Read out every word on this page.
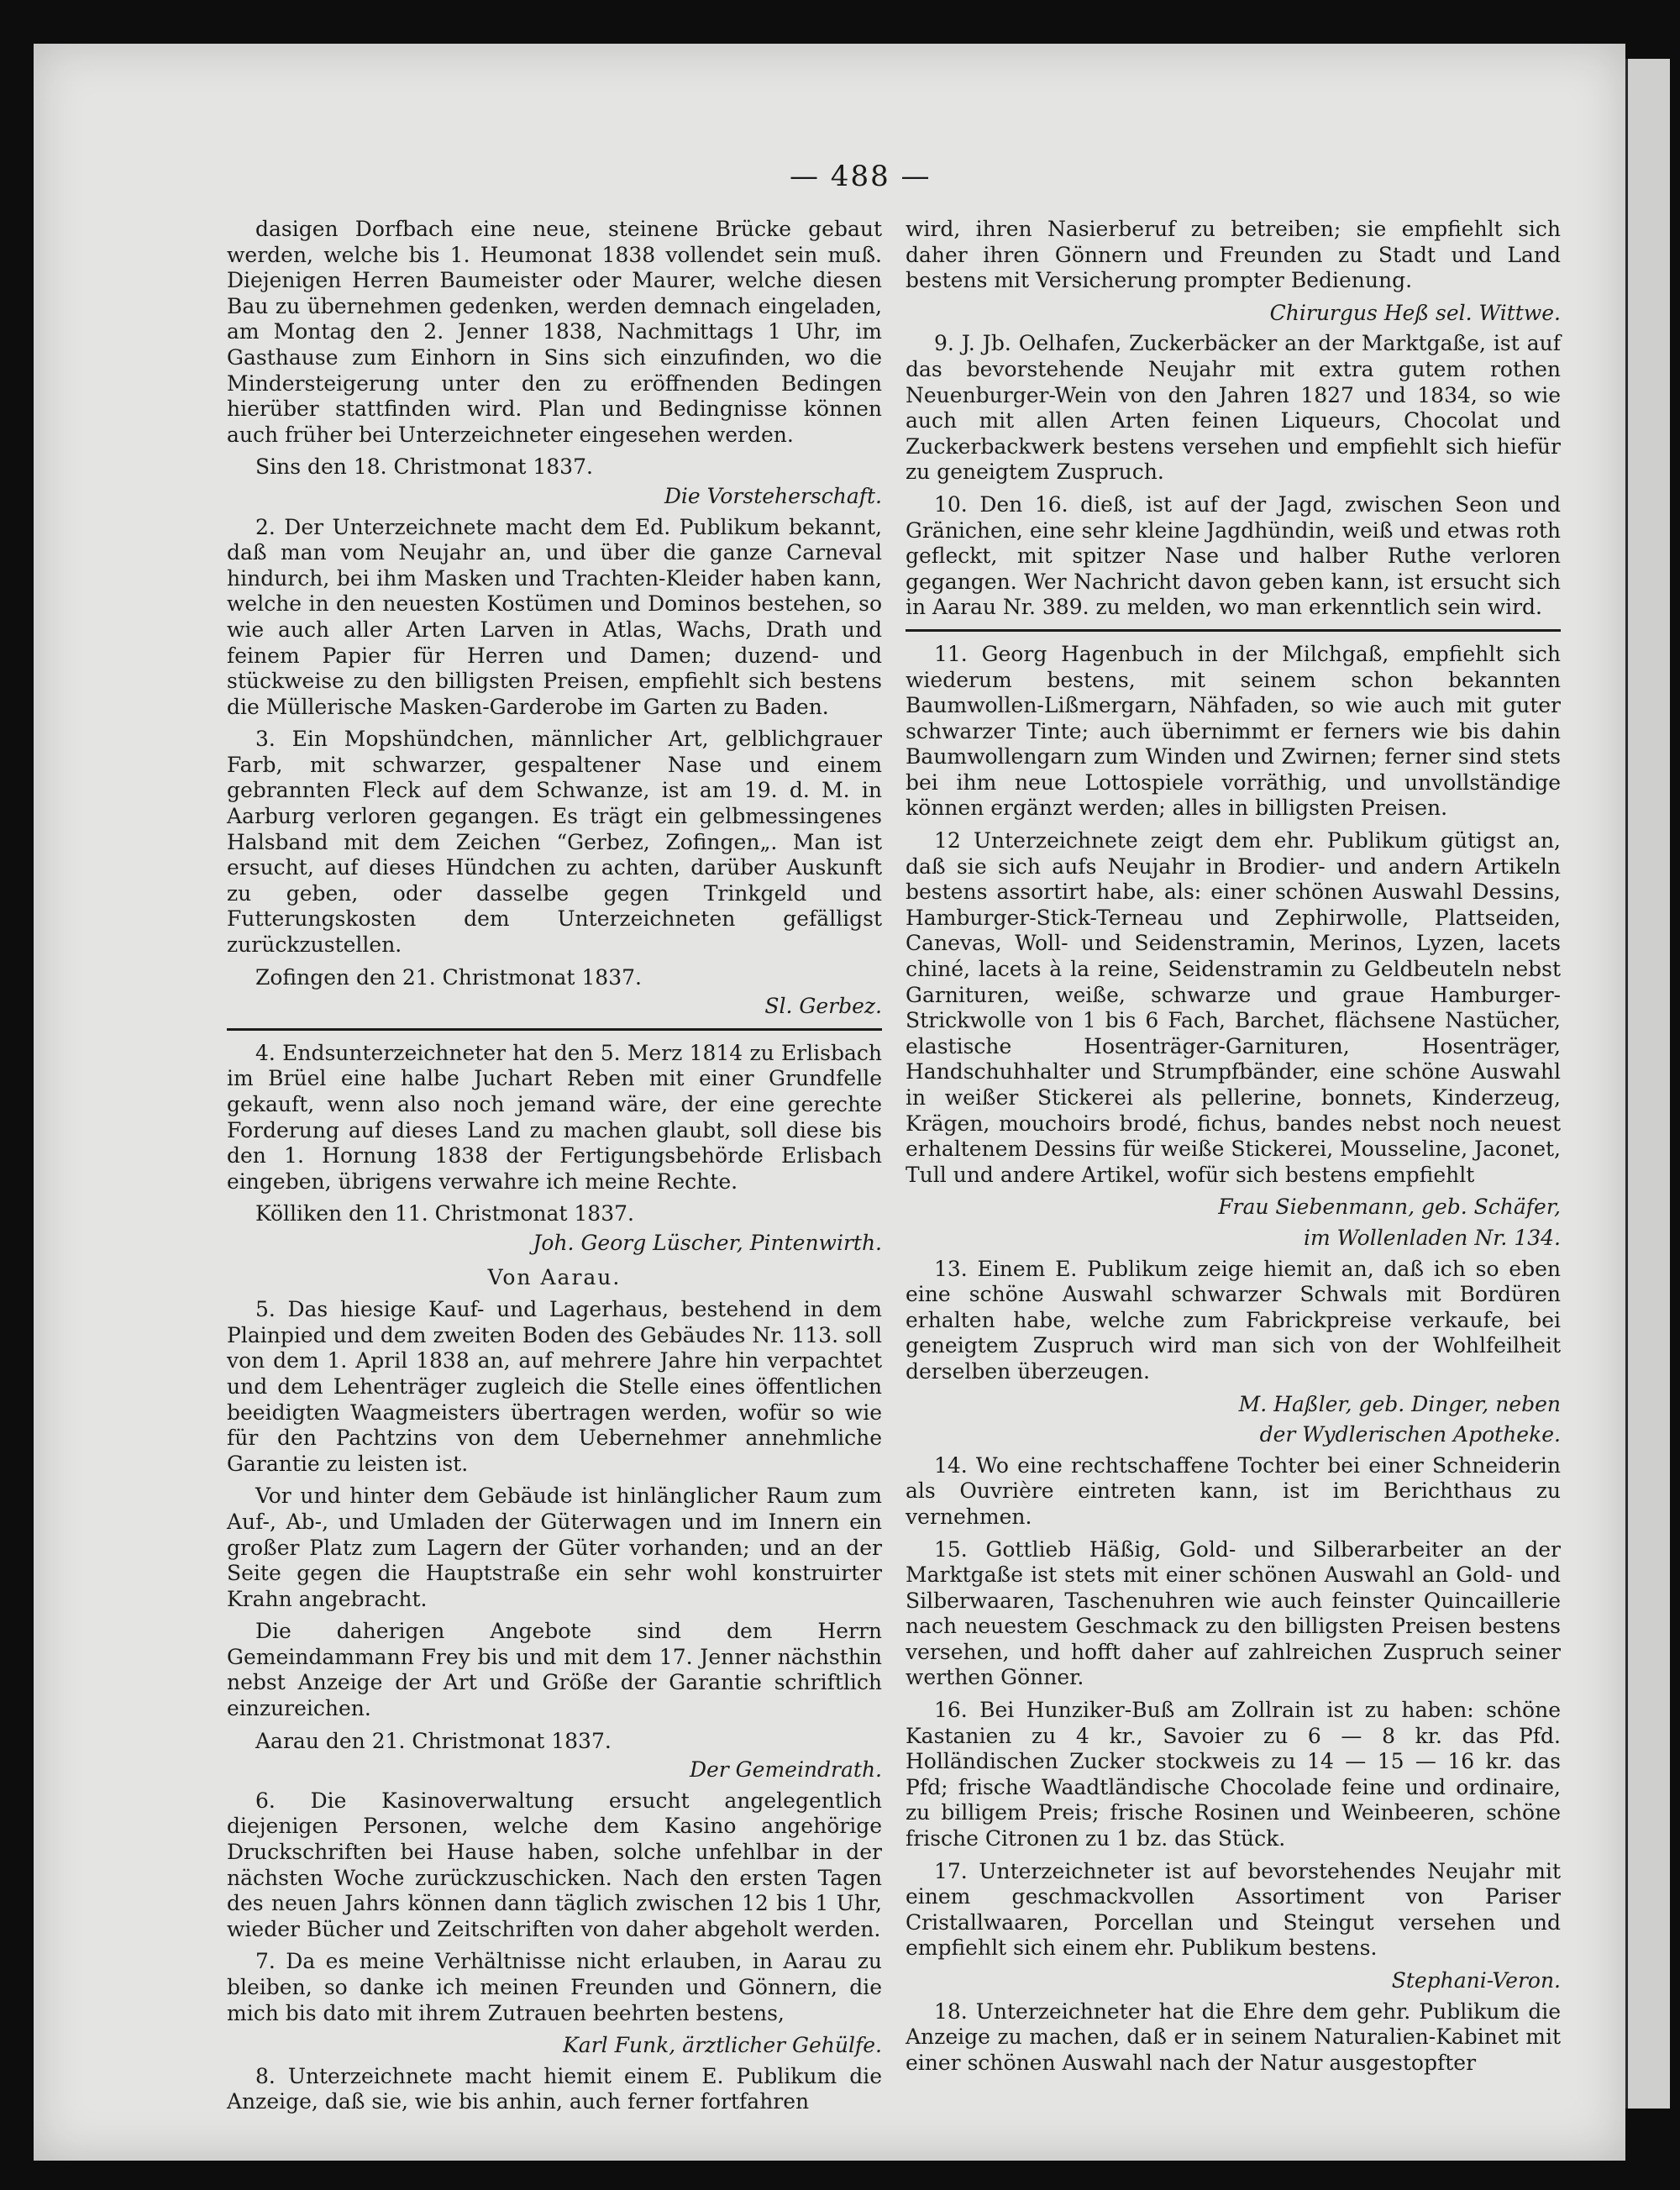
— 488 —

dasigen Dorfbach eine neue, steinene Brücke gebaut werden, welche bis 1. Heumonat 1838 vollendet sein muß. Diejenigen Herren Baumeister oder Maurer, welche diesen Bau zu übernehmen gedenken, werden demnach eingeladen, am Montag den 2. Jenner 1838, Nachmittags 1 Uhr, im Gasthause zum Einhorn in Sins sich einzufinden, wo die Mindersteigerung unter den zu eröffnenden Bedingen hierüber stattfinden wird. Plan und Bedingnisse können auch früher bei Unterzeichneter eingesehen werden.

Sins den 18. Christmonat 1837.

Die Vorsteherschaft.

2. Der Unterzeichnete macht dem Ed. Publikum bekannt, daß man vom Neujahr an, und über die ganze Carneval hindurch, bei ihm Masken und Trachten-Kleider haben kann, welche in den neuesten Kostümen und Dominos bestehen, so wie auch aller Arten Larven in Atlas, Wachs, Drath und feinem Papier für Herren und Damen; duzend- und stückweise zu den billigsten Preisen, empfiehlt sich bestens die Müllerische Masken-Garderobe im Garten zu Baden.

3. Ein Mopshündchen, männlicher Art, gelblichgrauer Farb, mit schwarzer, gespaltener Nase und einem gebrannten Fleck auf dem Schwanze, ist am 19. d. M. in Aarburg verloren gegangen. Es trägt ein gelbmessingenes Halsband mit dem Zeichen “Gerbez, Zofingen„. Man ist ersucht, auf dieses Hündchen zu achten, darüber Auskunft zu geben, oder dasselbe gegen Trinkgeld und Futterungskosten dem Unterzeichneten gefälligst zurückzustellen.

Zofingen den 21. Christmonat 1837.

Sl. Gerbez.

4. Endsunterzeichneter hat den 5. Merz 1814 zu Erlisbach im Brüel eine halbe Juchart Reben mit einer Grundfelle gekauft, wenn also noch jemand wäre, der eine gerechte Forderung auf dieses Land zu machen glaubt, soll diese bis den 1. Hornung 1838 der Fertigungsbehörde Erlisbach eingeben, übrigens verwahre ich meine Rechte.

Kölliken den 11. Christmonat 1837.

Joh. Georg Lüscher, Pintenwirth.

Von Aarau.

5. Das hiesige Kauf- und Lagerhaus, bestehend in dem Plainpied und dem zweiten Boden des Gebäudes Nr. 113. soll von dem 1. April 1838 an, auf mehrere Jahre hin verpachtet und dem Lehenträger zugleich die Stelle eines öffentlichen beeidigten Waagmeisters übertragen werden, wofür so wie für den Pachtzins von dem Uebernehmer annehmliche Garantie zu leisten ist.

Vor und hinter dem Gebäude ist hinlänglicher Raum zum Auf-, Ab-, und Umladen der Güterwagen und im Innern ein großer Platz zum Lagern der Güter vorhanden; und an der Seite gegen die Hauptstraße ein sehr wohl konstruirter Krahn angebracht.

Die daherigen Angebote sind dem Herrn Gemeindammann Frey bis und mit dem 17. Jenner nächsthin nebst Anzeige der Art und Größe der Garantie schriftlich einzureichen.

Aarau den 21. Christmonat 1837.

Der Gemeindrath.

6. Die Kasinoverwaltung ersucht angelegentlich diejenigen Personen, welche dem Kasino angehörige Druckschriften bei Hause haben, solche unfehlbar in der nächsten Woche zurückzuschicken. Nach den ersten Tagen des neuen Jahrs können dann täglich zwischen 12 bis 1 Uhr, wieder Bücher und Zeitschriften von daher abgeholt werden.

7. Da es meine Verhältnisse nicht erlauben, in Aarau zu bleiben, so danke ich meinen Freunden und Gönnern, die mich bis dato mit ihrem Zutrauen beehrten bestens,

Karl Funk, ärztlicher Gehülfe.

8. Unterzeichnete macht hiemit einem E. Publikum die Anzeige, daß sie, wie bis anhin, auch ferner fortfahren

wird, ihren Nasierberuf zu betreiben; sie empfiehlt sich daher ihren Gönnern und Freunden zu Stadt und Land bestens mit Versicherung prompter Bedienung.

Chirurgus Heß sel. Wittwe.

9. J. Jb. Oelhafen, Zuckerbäcker an der Marktgaße, ist auf das bevorstehende Neujahr mit extra gutem rothen Neuenburger-Wein von den Jahren 1827 und 1834, so wie auch mit allen Arten feinen Liqueurs, Chocolat und Zuckerbackwerk bestens versehen und empfiehlt sich hiefür zu geneigtem Zuspruch.

10. Den 16. dieß, ist auf der Jagd, zwischen Seon und Gränichen, eine sehr kleine Jagdhündin, weiß und etwas roth gefleckt, mit spitzer Nase und halber Ruthe verloren gegangen. Wer Nachricht davon geben kann, ist ersucht sich in Aarau Nr. 389. zu melden, wo man erkenntlich sein wird.

11. Georg Hagenbuch in der Milchgaß, empfiehlt sich wiederum bestens, mit seinem schon bekannten Baumwollen-Lißmergarn, Nähfaden, so wie auch mit guter schwarzer Tinte; auch übernimmt er ferners wie bis dahin Baumwollengarn zum Winden und Zwirnen; ferner sind stets bei ihm neue Lottospiele vorräthig, und unvollständige können ergänzt werden; alles in billigsten Preisen.

12 Unterzeichnete zeigt dem ehr. Publikum gütigst an, daß sie sich aufs Neujahr in Brodier- und andern Artikeln bestens assortirt habe, als: einer schönen Auswahl Dessins, Hamburger-Stick-Terneau und Zephirwolle, Plattseiden, Canevas, Woll- und Seidenstramin, Merinos, Lyzen, lacets chiné, lacets à la reine, Seidenstramin zu Geldbeuteln nebst Garnituren, weiße, schwarze und graue Hamburger-Strickwolle von 1 bis 6 Fach, Barchet, flächsene Nastücher, elastische Hosenträger-Garnituren, Hosenträger, Handschuhhalter und Strumpfbänder, eine schöne Auswahl in weißer Stickerei als pellerine, bonnets, Kinderzeug, Krägen, mouchoirs brodé, fichus, bandes nebst noch neuest erhaltenem Dessins für weiße Stickerei, Mousseline, Jaconet, Tull und andere Artikel, wofür sich bestens empfiehlt

Frau Siebenmann, geb. Schäfer,

im Wollenladen Nr. 134.

13. Einem E. Publikum zeige hiemit an, daß ich so eben eine schöne Auswahl schwarzer Schwals mit Bordüren erhalten habe, welche zum Fabrickpreise verkaufe, bei geneigtem Zuspruch wird man sich von der Wohlfeilheit derselben überzeugen.

M. Haßler, geb. Dinger, neben

der Wydlerischen Apotheke.

14. Wo eine rechtschaffene Tochter bei einer Schneiderin als Ouvrière eintreten kann, ist im Berichthaus zu vernehmen.

15. Gottlieb Häßig, Gold- und Silberarbeiter an der Marktgaße ist stets mit einer schönen Auswahl an Gold- und Silberwaaren, Taschenuhren wie auch feinster Quincaillerie nach neuestem Geschmack zu den billigsten Preisen bestens versehen, und hofft daher auf zahlreichen Zuspruch seiner werthen Gönner.

16. Bei Hunziker-Buß am Zollrain ist zu haben: schöne Kastanien zu 4 kr., Savoier zu 6 — 8 kr. das Pfd. Holländischen Zucker stockweis zu 14 — 15 — 16 kr. das Pfd; frische Waadtländische Chocolade feine und ordinaire, zu billigem Preis; frische Rosinen und Weinbeeren, schöne frische Citronen zu 1 bz. das Stück.

17. Unterzeichneter ist auf bevorstehendes Neujahr mit einem geschmackvollen Assortiment von Pariser Cristallwaaren, Porcellan und Steingut versehen und empfiehlt sich einem ehr. Publikum bestens.

Stephani-Veron.

18. Unterzeichneter hat die Ehre dem gehr. Publikum die Anzeige zu machen, daß er in seinem Naturalien-Kabinet mit einer schönen Auswahl nach der Natur ausgestopfter
